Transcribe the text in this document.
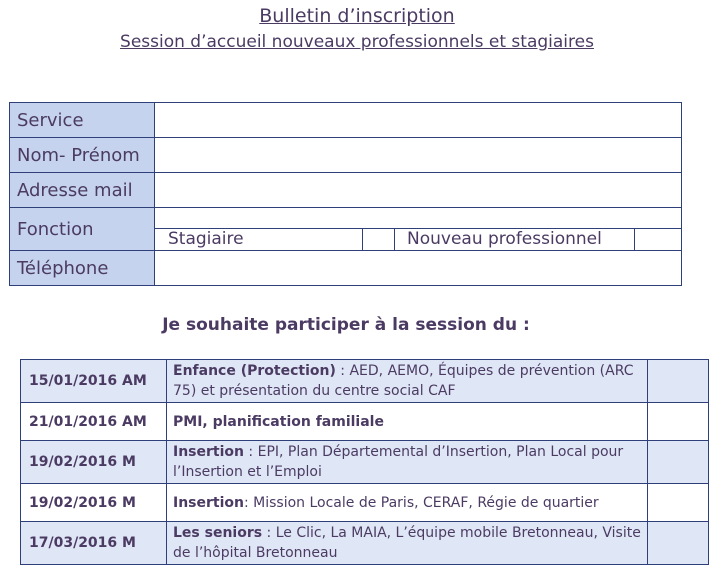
Bulletin d’inscription
Session d’accueil nouveaux professionnels et stagiaires
Service	
Nom- Prénom	
Adresse mail	
Fonction	Stagiaire Nouveau professionnel

Téléphone	
Je souhaite participer à la session du :
15/01/2016 AM	Enfance (Protection) : AED, AEMO, Équipes de prévention (ARC 75) et présentation du centre social CAF	
21/01/2016 AM	PMI, planification familiale	
19/02/2016 M	Insertion : EPI, Plan Départemental d’Insertion, Plan Local pour l’Insertion et l’Emploi	
19/02/2016 M	Insertion: Mission Locale de Paris, CERAF, Régie de quartier	
17/03/2016 M	Les seniors : Le Clic, La MAIA, L’équipe mobile Bretonneau, Visite de l’hôpital Bretonneau	
